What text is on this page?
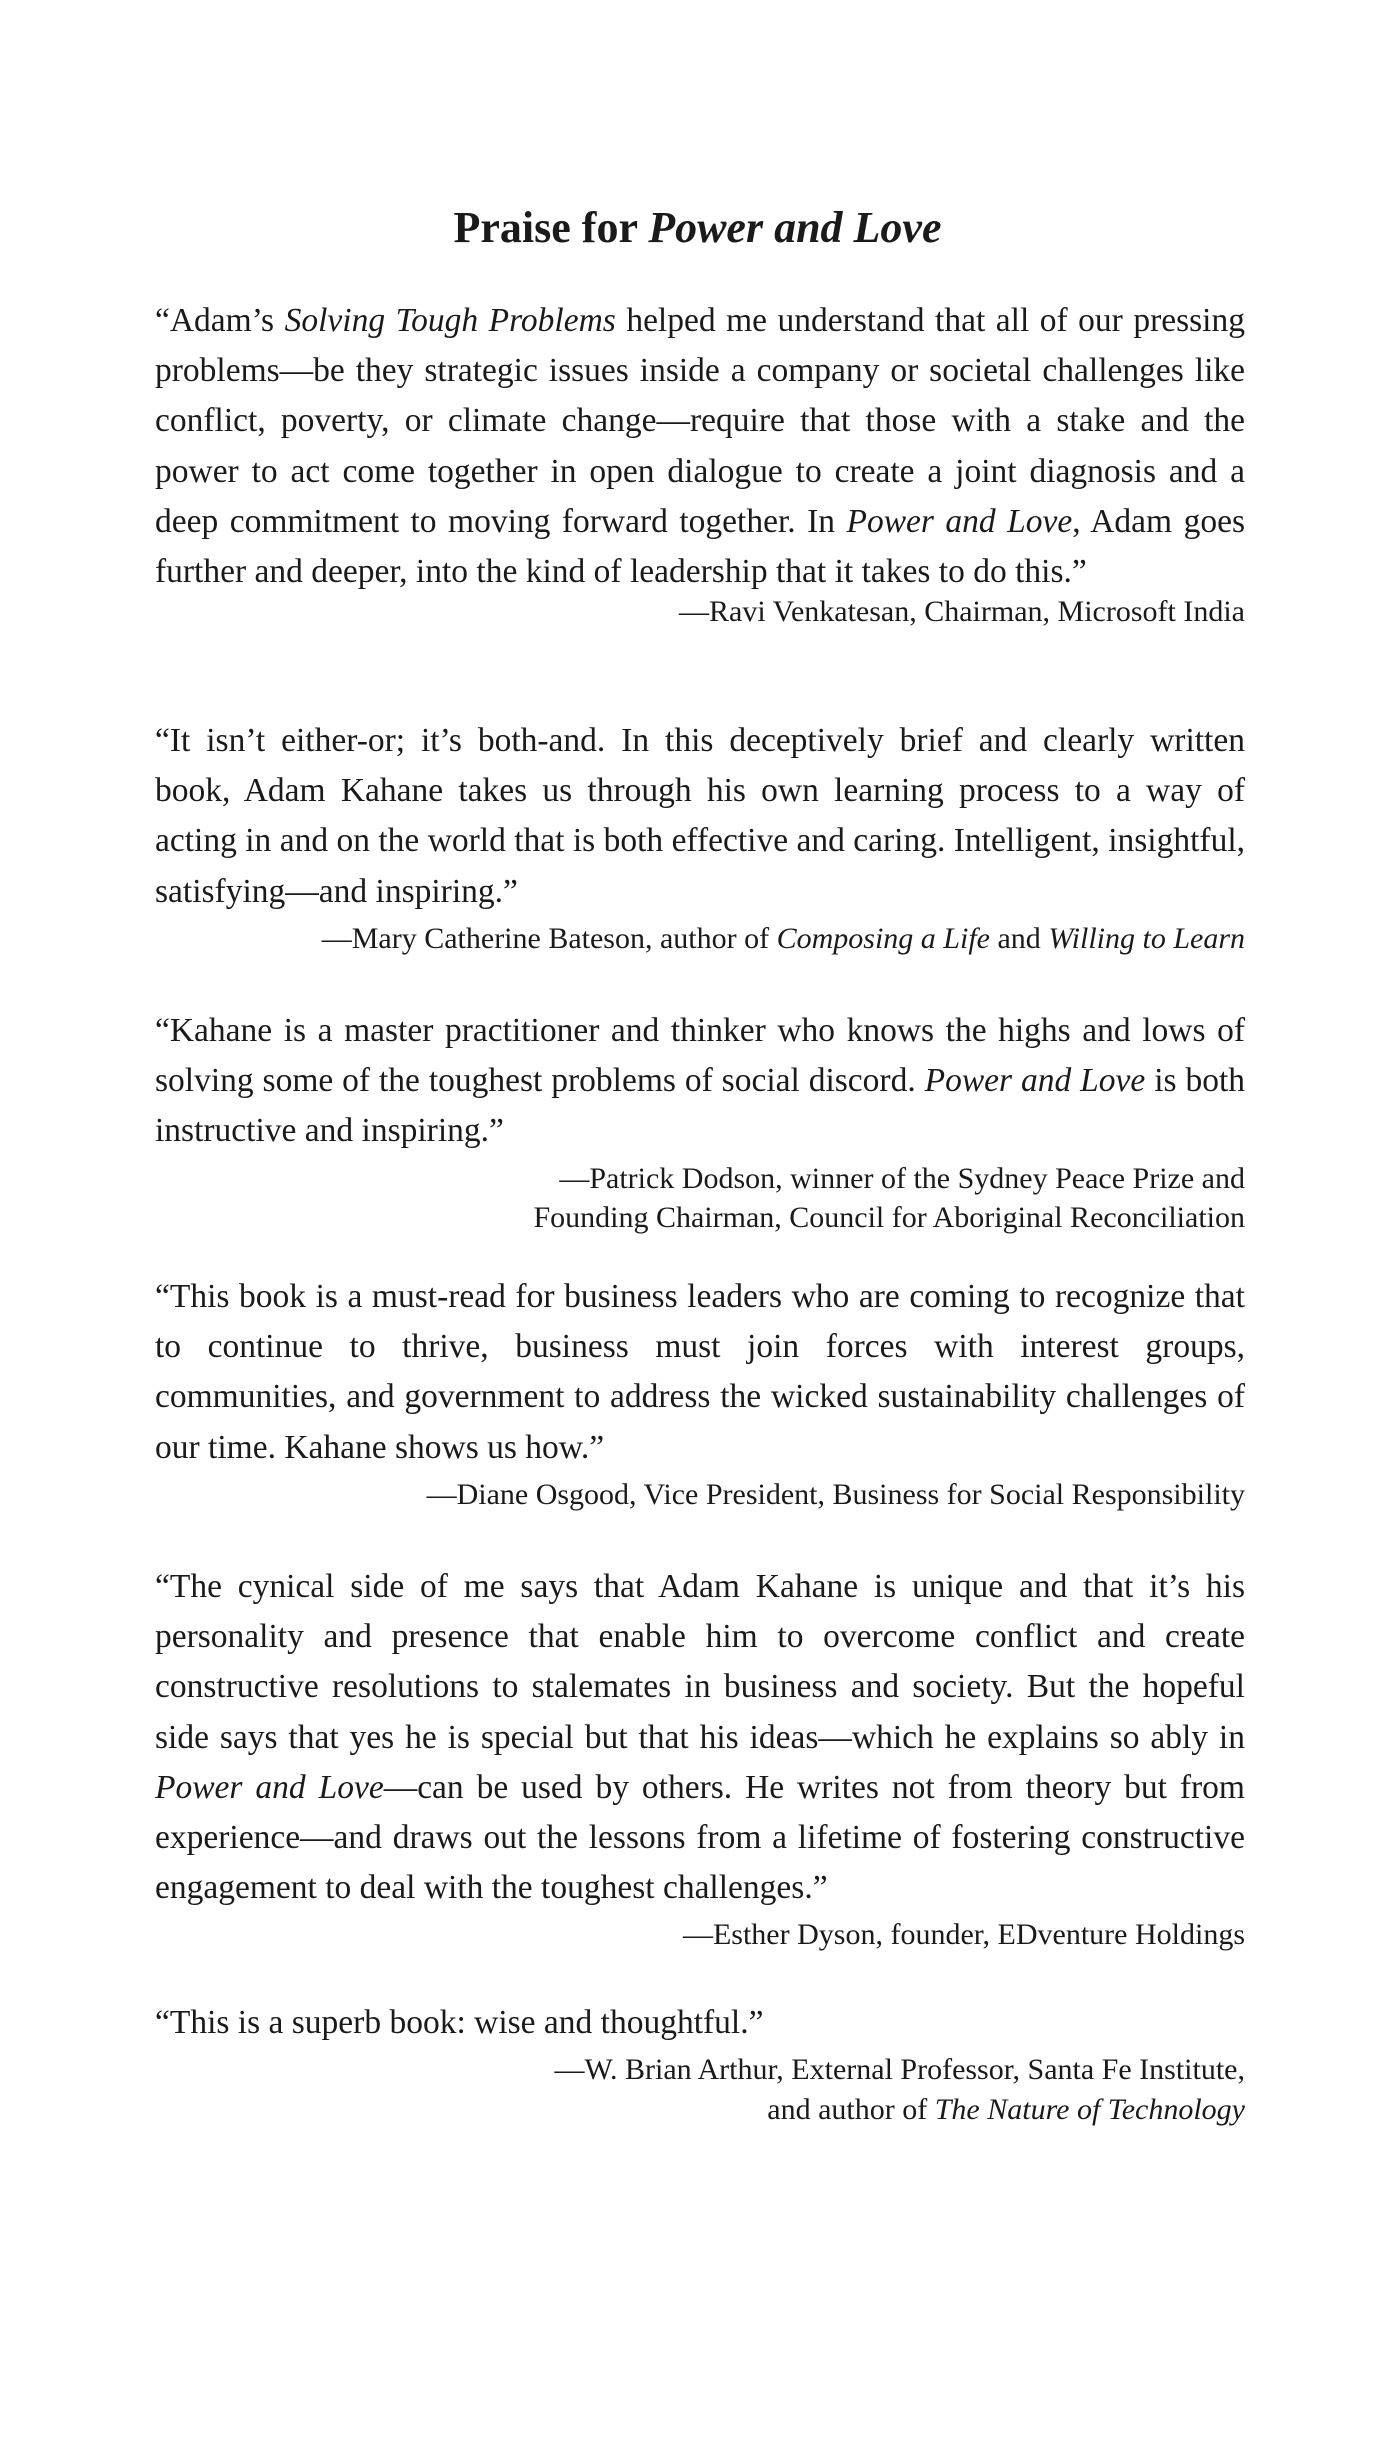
Praise for Power and Love

“Adam’s Solving Tough Problems helped me understand that all of our pressing problems—be they strategic issues inside a company or societal challenges like conflict, poverty, or climate change—require that those with a stake and the power to act come together in open dialogue to create a joint diagnosis and a deep commitment to moving forward together. In Power and Love, Adam goes further and deeper, into the kind of leadership that it takes to do this.”

—Ravi Venkatesan, Chairman, Microsoft India

“It isn’t either-or; it’s both-and. In this deceptively brief and clearly written book, Adam Kahane takes us through his own learning process to a way of acting in and on the world that is both effective and caring. Intelligent, insightful, satisfying—and inspiring.”

—Mary Catherine Bateson, author of Composing a Life and Willing to Learn

“Kahane is a master practitioner and thinker who knows the highs and lows of solving some of the toughest problems of social discord. Power and Love is both instructive and inspiring.”

—Patrick Dodson, winner of the Sydney Peace Prize and

Founding Chairman, Council for Aboriginal Reconciliation

“This book is a must-read for business leaders who are coming to recognize that to continue to thrive, business must join forces with interest groups, communities, and government to address the wicked sustainability challenges of our time. Kahane shows us how.”

—Diane Osgood, Vice President, Business for Social Responsibility

“The cynical side of me says that Adam Kahane is unique and that it’s his personality and presence that enable him to overcome conflict and create constructive resolutions to stalemates in business and society. But the hopeful side says that yes he is special but that his ideas—which he explains so ably in Power and Love—can be used by others. He writes not from theory but from experience—and draws out the lessons from a lifetime of fostering constructive engagement to deal with the toughest challenges.”

—Esther Dyson, founder, EDventure Holdings

“This is a superb book: wise and thoughtful.”

—W. Brian Arthur, External Professor, Santa Fe Institute,

and author of The Nature of Technology
